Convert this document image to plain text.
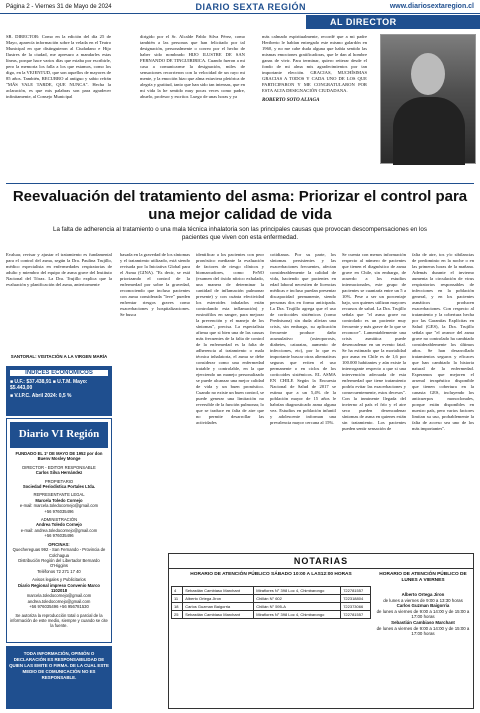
Página 2 - Viernes 31 de Mayo de 2024	DIARIO SEXTA REGIÓN	www.diariosextaregion.cl
AL DIRECTOR
SR. DIRECTOR: Como en la edición del día 25 de Mayo, aparecía información sobre la velada en el Teatro Municipal en que distinguieron al Ciudadano e Hijo Ilustres de la ciudad, me apresuro a mandarles estas líneas, porque hace varios días que estaba por escribirle, pero la memoria los falla a los que estamos, como los digo, en la VEJENTUD, que son aquellos de mayores de 85 años. También, RECURRO al antiguo y sabio refrán "MÁS VALE TARDE, QUE NUNCA". Hecha la aclaración, es que mis palabras son para agradecer infinitamente, al Consejo Municipal
dirigido por el Sr. Alcalde Pablo Silva Pérez, como también a las personas que han felicitado por tal designación, personalmente o correo por el hecho de haber sido nombrado HIJO ILUSTRE DE SAN FERNANDO DE TINGUIRIRICA. Cuando fueron a mi casa a comunicarme la designación, miles de sensaciones recorrieron con la velocidad de un rayo mi mente, y la emoción hizo que alma estuviera pletórica de alegría y gratitud, tanto que han sido tan intensas, que en mi vida la he sentido muy pocas veces como padre, abuelo, profesor y escritor. Luego de unas horas y ya
más calmado espiritualmente, recordé que a mi padre Heriberto le habían entregado este mismo galardón en 1960, y no me cabe duda alguna que había sentido las mismas emociones gratificadoras, que le dan al hombre ganas de vivir. Para terminar, quiero reiterar desde el fondo de mi alma mis agradecimientos por tan importante elección. GRACIAS, MUCHÍSIMAS GRACIAS A TODOS Y CADA UNO DE LOS QUE PARTICIPARON Y ME CONGRATULARON POR ESTA ALTA DESIGNACIÓN CIUDADANA.
ROBERTO SOTO ALIAGA
Reevaluación del tratamiento del asma: Priorizar el control para una mejor calidad de vida
La falta de adherencia al tratamiento o una mala técnica inhalatoria son las principales causas que provocan descompensaciones en los pacientes que viven con esta enfermedad.
Evaluar, revisar y ajustar el tratamiento es fundamental para el control del asma, según la Dra. Paulina Trujillo, médico especialista en enfermedades respiratorias de adulto y miembro del equipo de asma grave del Instituto Nacional del Tórax. La Dra. Trujillo explica que la evaluación y planificación del asma, anteriormente
basada en la gravedad de los síntomas y el tratamiento utilizado, está siendo revisada por la Iniciativa Global para el Asma (GINA). "Es decir, se está priorizando el control de la enfermedad por sobre la gravedad, reconociendo que incluso pacientes con asma considerada "leve" pueden enfrentar riesgos graves como exacerbaciones y hospitalizaciones. Se busca
identificar a los pacientes con peor pronóstico mediante la evaluación de factores de riesgo clínicos y biomarcadores, como FeNO (examen del óxido nítrico exhalado, una manera de determinar la cantidad de inflamación pulmonar presente) y con cuánta efectividad los esteroides inhalados están controlando esta inflamación) y eosinófilos en sangre, para mejorar la prevención y el manejo de los síntomas", precisa. La especialista afirma que si bien una de las causas más frecuentes de la falta de control de la enfermedad es la falta de adherencia al tratamiento o mala técnica inhalatoria, el asma se debe considerar como una enfermedad tratable y controlable, en la que ejerciendo un manejo personalizado se puede alcanzar una mejor calidad de vida y un buen pronóstico. Cuando no existe un buen control, se puede generar una limitación no reversible de la función pulmonar, lo que se traduce en falta de aire que no permite desarrollar las actividades
cotidianas. Por su parte, los síntomas persistentes y las exacerbaciones frecuentes, afectan considerablemente la calidad de vida, haciendo que pacientes en edad laboral necesiten de licencias médicas e incluso puedan presentar discapacidad permanente, siendo personas dos en forma anticipada. La Dra. Trujillo agrega que el uso de corticoides sistémicos (como Prednisona) sin duda alivian una crisis, sin embargo, su aplicación frecuente produce daño acumulativo (osteoporosis, diabetes, cataratas, aumento de infecciones, etc), por lo que es importante buscar otras alternativas seguras que eviten el uso permanente o en ciclos de los corticoides sistémicos. EL ASMA EN CHILE Según la Encuesta Nacional de Salud de 2017 se estima que a un 5,4% de la población mayor de 15 años le habrían diagnosticado asma alguna vez. Estudios en población infantil y adolescente informan una prevalencia mayor cercana al 15%.
Se cuenta con menos información respecto al número de pacientes que tienen el diagnóstico de asma grave en Chile, sin embargo, de acuerdo a los estudios internacionales, este grupo de pacientes se cuantaría entre un 5 a 10%. Pese a ser un porcentaje bajo, son quienes utilizan mayores recursos de salud. La Dra. Trujillo señala que "el asma grave no controlado es un paciente muy frecuente y más grave de lo que se reconoce". Lamentablemente una crisis asmática puede desencadenar en un evento fatal. Se ha estimado que la mortalidad por asma en Chile es de 1,6 por 100.000 habitantes y aún existe la interrogante respecto a que si una intervención adecuada de esta enfermedad que tiene tratamiento podría evitar las exacerbaciones y consecuentemente, estos decesos". Con la inminente llegada del invierno al país el frío y el aire seco pueden desencadenar síntomas de asma en quienes están sin tratamiento. Los pacientes pueden sentir sensación de
falta de aire, tos y/o sibilancias de predominio en la noche o en las primeras horas de la mañana. Además durante el invierno aumenta la circulación de virus respiratorios responsables de infecciones en la población general, y en los pacientes asmáticos producen exacerbaciones. Con respecto al tratamiento y la cobertura hecha por las Garantías Explícitas en Salud (GES), la Dra. Trujillo señala que "el avance del asma grave no controlado ha cambiado considerablemente los últimos años. Se han desarrollado tratamientos seguros y eficaces que han cambiado la historia natural de la enfermedad. Esperamos que mejoren el arsenal terapéutico disponible que tienen cobertura en la canasta GES, incluyendo los anticuerpos monoclonales, porque están disponibles en nuestro país, pero varios factores limitan su uso, probablemente la falta de acceso sea uno de los más importantes".
SANTORAL: VISITACIÓN A LA VIRGEN MARÍA
ÍNDICES ECONÓMICOS
■ U.F.: $37.438,91 ■ U.T.M. Mayo: $5.443,00
■ V.I.P.C. Abril 2024: 0,5 %
Diario VI Región
FUNDADO EL 1º DE MAYO DE 1952 por don Buenv Mosley Monge
DIRECTOR - EDITOR RESPONSABLE
Carlos Silva Hernández
PROPIETARIO
Sociedad Periodística Portales Ltda.
REPRESENTANTE LEGAL
Marcela Toledo Cornejo
e-mail: marcela.toledocornejo@gmail.com
+56 976035496
ADMINISTRACIÓN
Andrea Toledo Cornejo
e-mail: andrea.toledocornejo@gmail.com
+56 976035496
OFICINAS:
Quechereguas 992 - San Fernando - Provincia de Colchagua
Distribución Región del Libertador Bernardo O'Higgins
Teléfonos 72 271 17 40
Avisos legales y Publicitarios
Diario Regional impreso Convenio Marco 1102018
marcela.toledocornejo@gmail.com andrea.toledocornejo@gmail.com
+56 976035496 +56 956781530
Se autoriza la reproducción total o parcial de la información de este medio, siempre y cuando se cite la fuente.
TODA INFORMACIÓN, OPINIÓN O DECLARACIÓN ES RESPONSABILIDAD DE QUIEN LAS EMITE O FIRMA. DE LA CUAL ESTE MEDIO DE COMUNICACIÓN NO ES RESPONSABLE.
NOTARIAS
HORARIO DE ATENCIÓN PÚBLICO SÁBADO 10:00 A LAS12:00 HORAS
4	Sebastián Cambiaso Marchant	Miraflores N° 398 Loc 4, Chimbarongo	722781557
11	Alberto Ortega Jiron	Chillán N° 602	722318804
18	Carlos Guzman Baigorria	Chillán N° 595-A	722373066
25	Sebastián Cambiaso Marchant	Miraflores N° 398 Loc 4, Chimbarongo	722781557
HORARIO DE ATENCIÓN PÚBLICO DE LUNES A VIERNES
Alberto Ortega Jiron
de lunes a viernes de 9:00 a 13:30 horas
Carlos Guzman Baigorria
de lunes a viernes de 9:00 a 14:00 y de 15:00 a 17:00 horas
Sebastián Cambiaso Marchant
de lunes a viernes de 9:00 a 14:00 y de 15:00 a 17:00 horas
